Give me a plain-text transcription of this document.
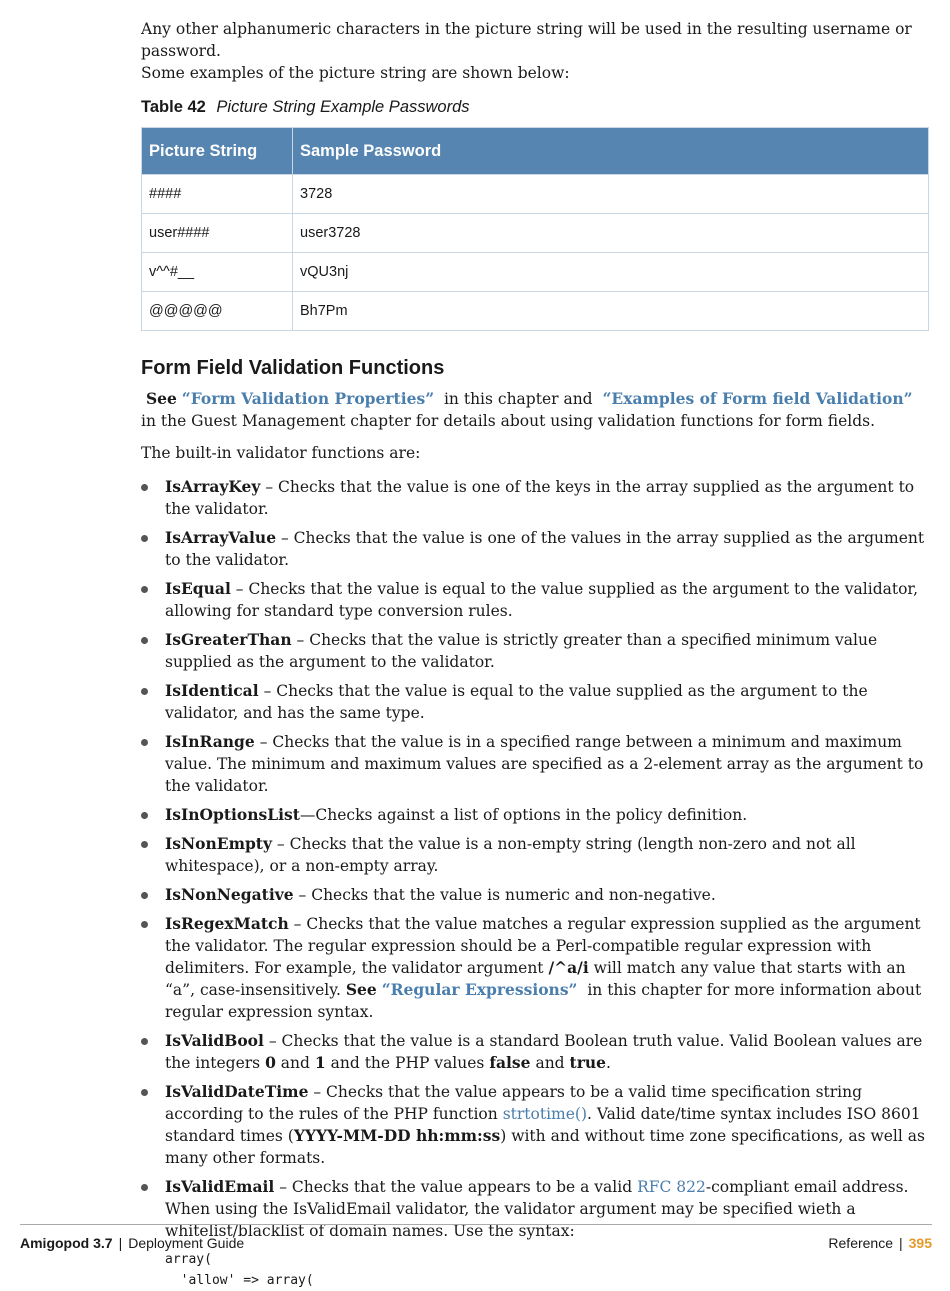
Any other alphanumeric characters in the picture string will be used in the resulting username or password.

Some examples of the picture string are shown below:

Table 42 Picture String Example Passwords
Picture String	Sample Password
####	3728
user####	user3728
v^^#__	vQU3nj
@@@@@	Bh7Pm
Form Field Validation Functions

See “Form Validation Properties” in this chapter and “Examples of Form field Validation” in the Guest Management chapter for details about using validation functions for form fields.

The built-in validator functions are:

IsArrayKey – Checks that the value is one of the keys in the array supplied as the argument to the validator.
IsArrayValue – Checks that the value is one of the values in the array supplied as the argument to the validator.
IsEqual – Checks that the value is equal to the value supplied as the argument to the validator, allowing for standard type conversion rules.
IsGreaterThan – Checks that the value is strictly greater than a specified minimum value supplied as the argument to the validator.
IsIdentical – Checks that the value is equal to the value supplied as the argument to the validator, and has the same type.
IsInRange – Checks that the value is in a specified range between a minimum and maximum value. The minimum and maximum values are specified as a 2-element array as the argument to the validator.
IsInOptionsList—Checks against a list of options in the policy definition.
IsNonEmpty – Checks that the value is a non-empty string (length non-zero and not all whitespace), or a non-empty array.
IsNonNegative – Checks that the value is numeric and non-negative.
IsRegexMatch – Checks that the value matches a regular expression supplied as the argument the validator. The regular expression should be a Perl-compatible regular expression with delimiters. For example, the validator argument /^a/i will match any value that starts with an “a”, case-insensitively. See “Regular Expressions” in this chapter for more information about regular expression syntax.
IsValidBool – Checks that the value is a standard Boolean truth value. Valid Boolean values are the integers 0 and 1 and the PHP values false and true.
IsValidDateTime – Checks that the value appears to be a valid time specification string according to the rules of the PHP function strtotime(). Valid date/time syntax includes ISO 8601 standard times (YYYY-MM-DD hh:mm:ss) with and without time zone specifications, as well as many other formats.
IsValidEmail – Checks that the value appears to be a valid RFC 822-compliant email address. When using the IsValidEmail validator, the validator argument may be specified wieth a whitelist/blacklist of domain names. Use the syntax:
array(
'allow' => array(
Amigopod 3.7 | Deployment Guide	Reference | 395
